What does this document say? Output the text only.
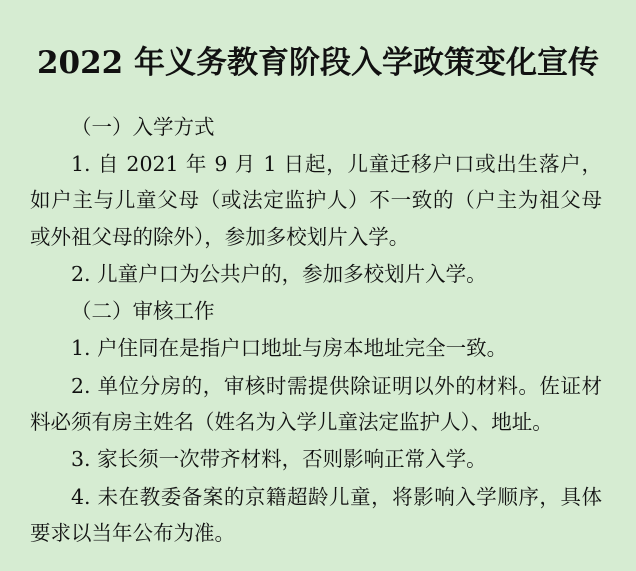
2022 年义务教育阶段入学政策变化宣传

（一）入学方式

1. 自 2021 年 9 月 1 日起，儿童迁移户口或出生落户，如户主与儿童父母（或法定监护人）不一致的（户主为祖父母或外祖父母的除外），参加多校划片入学。

2. 儿童户口为公共户的，参加多校划片入学。

（二）审核工作

1. 户住同在是指户口地址与房本地址完全一致。

2. 单位分房的，审核时需提供除证明以外的材料。佐证材料必须有房主姓名（姓名为入学儿童法定监护人）、地址。

3. 家长须一次带齐材料，否则影响正常入学。

4. 未在教委备案的京籍超龄儿童，将影响入学顺序，具体要求以当年公布为准。
